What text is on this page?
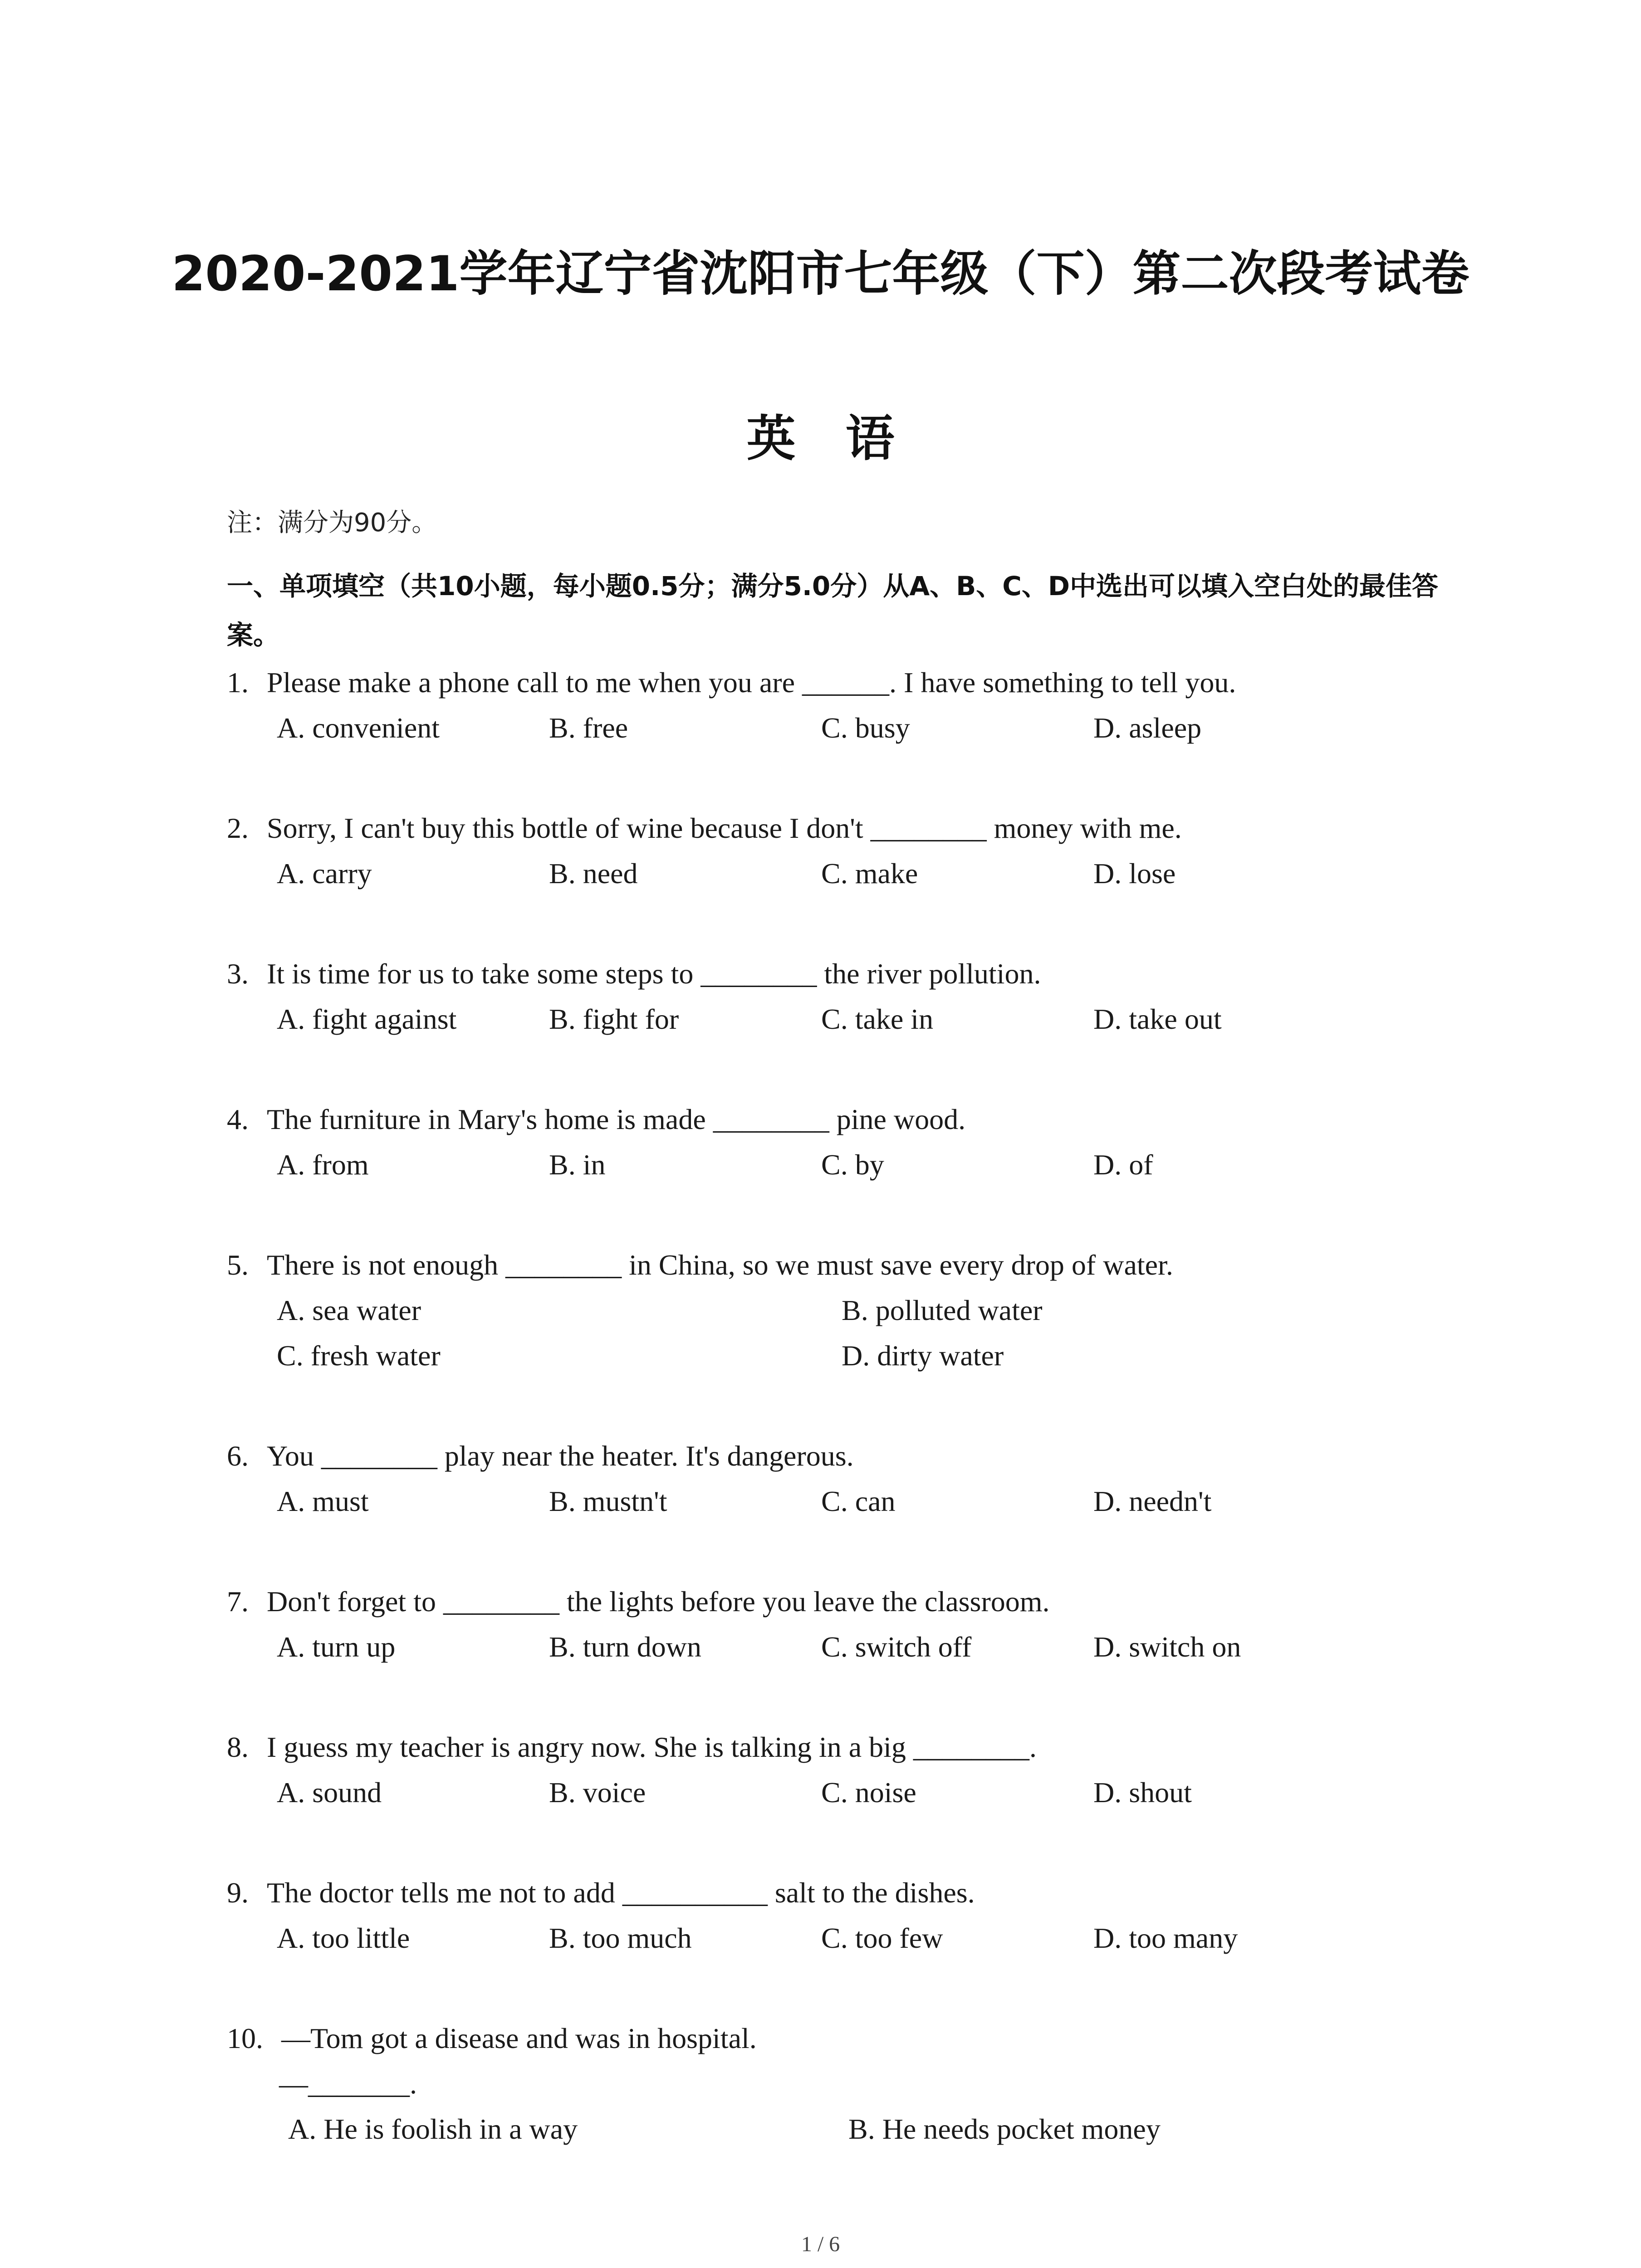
2020-2021学年辽宁省沈阳市七年级（下）第二次段考试卷
英语
注：满分为90分。
一、单项填空（共10小题，每小题0.5分；满分5.0分）从A、B、C、D中选出可以填入空白处的最佳答案。
1. Please make a phone call to me when you are ______. I have something to tell you.
A. convenient	B. free	C. busy	D. asleep
2. Sorry, I can't buy this bottle of wine because I don't ________ money with me.
A. carry	B. need	C. make	D. lose
3. It is time for us to take some steps to ________ the river pollution.
A. fight against	B. fight for	C. take in	D. take out
4. The furniture in Mary's home is made ________ pine wood.
A. from	B. in	C. by	D. of
5. There is not enough ________ in China, so we must save every drop of water.
A. sea water	B. polluted water
C. fresh water	D. dirty water
6. You ________ play near the heater. It's dangerous.
A. must	B. mustn't	C. can	D. needn't
7. Don't forget to ________ the lights before you leave the classroom.
A. turn up	B. turn down	C. switch off	D. switch on
8. I guess my teacher is angry now. She is talking in a big ________.
A. sound	B. voice	C. noise	D. shout
9. The doctor tells me not to add __________ salt to the dishes.
A. too little	B. too much	C. too few	D. too many
10. —Tom got a disease and was in hospital.
—_______.
A. He is foolish in a way	B. He needs pocket money
1 / 6
